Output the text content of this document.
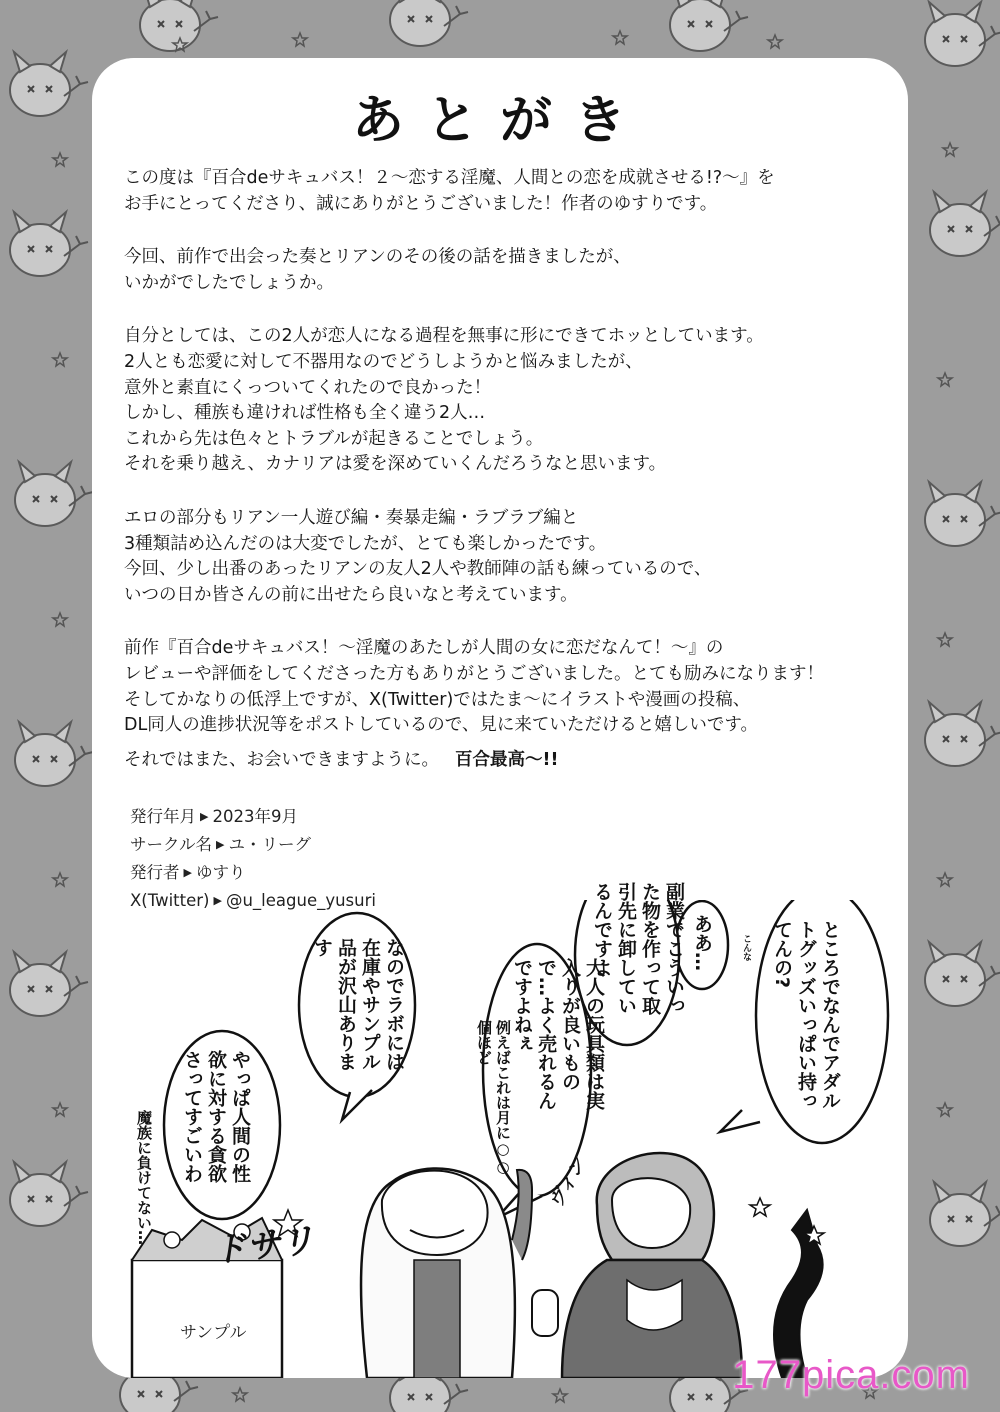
あとがき
この度は『百合deサキュバス！２〜恋する淫魔、人間との恋を成就させる!?〜』を
お手にとってくださり、誠にありがとうございました！作者のゆすりです。
今回、前作で出会った奏とリアンのその後の話を描きましたが、
いかがでしたでしょうか。
自分としては、この2人が恋人になる過程を無事に形にできてホッとしています。
2人とも恋愛に対して不器用なのでどうしようかと悩みましたが、
意外と素直にくっついてくれたので良かった！
しかし、種族も違ければ性格も全く違う2人…
これから先は色々とトラブルが起きることでしょう。
それを乗り越え、カナリアは愛を深めていくんだろうなと思います。
エロの部分もリアン一人遊び編・奏暴走編・ラブラブ編と
3種類詰め込んだのは大変でしたが、とても楽しかったです。
今回、少し出番のあったリアンの友人2人や教師陣の話も練っているので、
いつの日か皆さんの前に出せたら良いなと考えています。
前作『百合deサキュバス！〜淫魔のあたしが人間の女に恋だなんて！〜』の
レビューや評価をしてくださった方もありがとうございました。とても励みになります！
そしてかなりの低浮上ですが、X(Twitter)ではたま〜にイラストや漫画の投稿、
DL同人の進捗状況等をポストしているので、見に来ていただけると嬉しいです。
それではまた、お会いできますように。 百合最高〜!!
発行年月 ▶ 2023年9月
サークル名 ▶ ユ・リーグ
発行者 ▶ ゆすり
X(Twitter) ▶ @u_league_yusuri
ところでなんでアダルトグッズいっぱい持ってんの?
こんな
ああ…
副業でこういった物を作って取引先に卸しているんですよ
大人の玩具類は実入りが良いもので…よく売れるんですよねぇ
例えばこれは月に○○個ほど
なのでラボには在庫やサンプル品が沢山あります
やっぱ人間の性欲に対する貪欲さってすごいわ
魔族に負けてない…
ドサリ
ヴィン
サンプル
177pica.com
